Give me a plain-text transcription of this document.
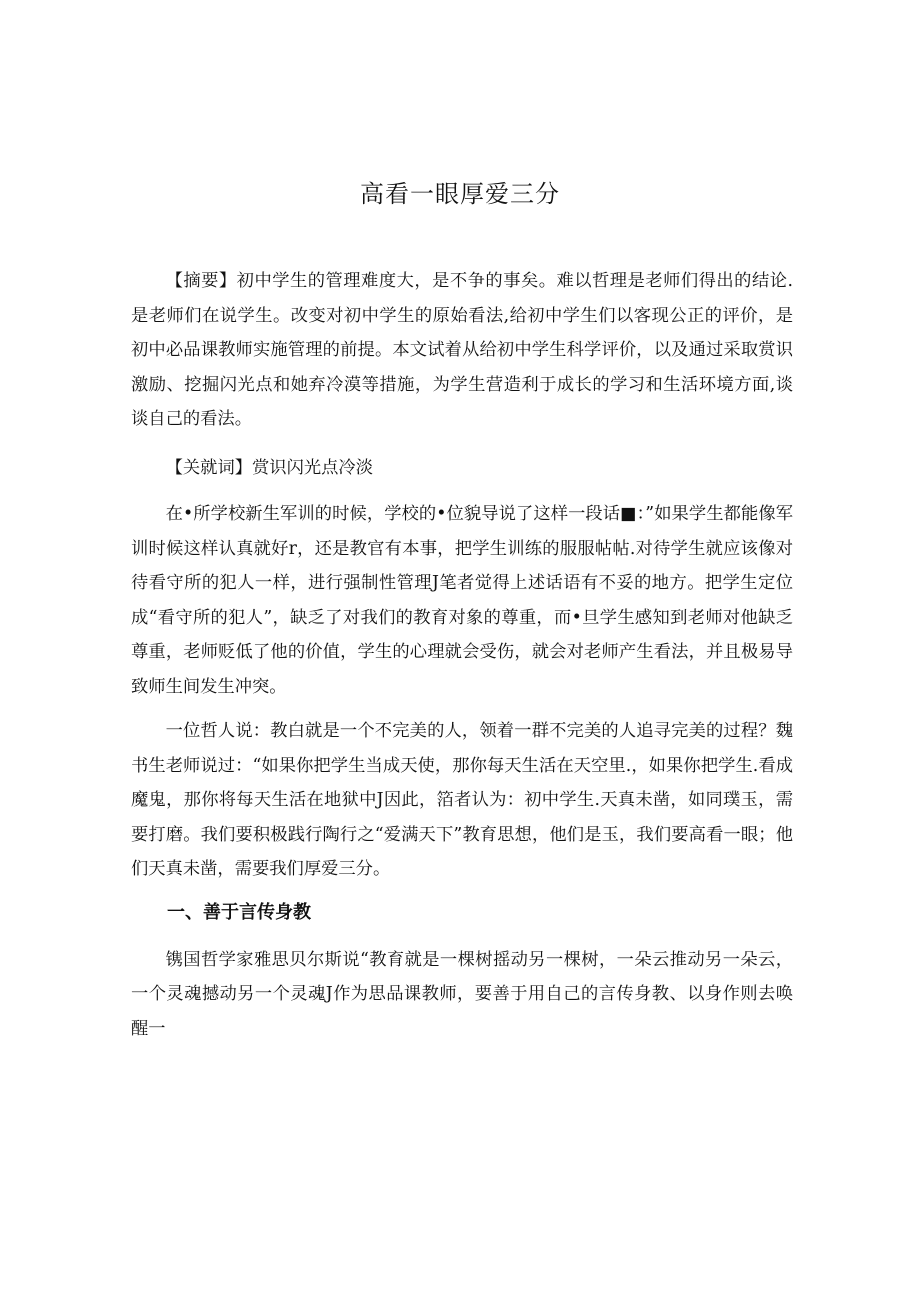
高看一眼厚爱三分

【摘要】初中学生的管理难度大，是不争的事矣。难以哲理是老师们得出的结论.是老师们在说学生。改变对初中学生的原始看法,给初中学生们以客现公正的评价，是初中必品课教师实施管理的前提。本文试着从给初中学生科学评价，以及通过采取赏识激励、挖掘闪光点和她弃冷漠等措施，为学生营造利于成长的学习和生活环境方面,谈谈自己的看法。

【关就词】赏识闪光点冷淡

在•所学校新生军训的时候，学校的•位貌导说了这样一段话■：”如果学生都能像军训时候这样认真就好r，还是教官有本事，把学生训练的服服帖帖.对待学生就应该像对待看守所的犯人一样，进行强制性管理J笔者觉得上述话语有不妥的地方。把学生定位成“看守所的犯人”，缺乏了对我们的教育对象的尊重，而•旦学生感知到老师对他缺乏尊重，老师贬低了他的价值，学生的心理就会受伤，就会对老师产生看法，并且极易导致师生间发生冲突。

一位哲人说：教白就是一个不完美的人，领着一群不完美的人追寻完美的过程？魏书生老师说过：“如果你把学生当成天使，那你每天生活在天空里.，如果你把学生.看成魔鬼，那你将每天生活在地狱中J因此，箔者认为：初中学生.天真未凿，如同璞玉，需要打磨。我们要积极践行陶行之“爱满天下”教育思想，他们是玉，我们要高看一眼；他们天真未凿，需要我们厚爱三分。

一、善于言传身教

镌国哲学家雅思贝尔斯说“教育就是一棵树摇动另一棵树，一朵云推动另一朵云，一个灵魂撼动另一个灵魂J作为思品课教师，要善于用自己的言传身教、以身作则去唤醒一
